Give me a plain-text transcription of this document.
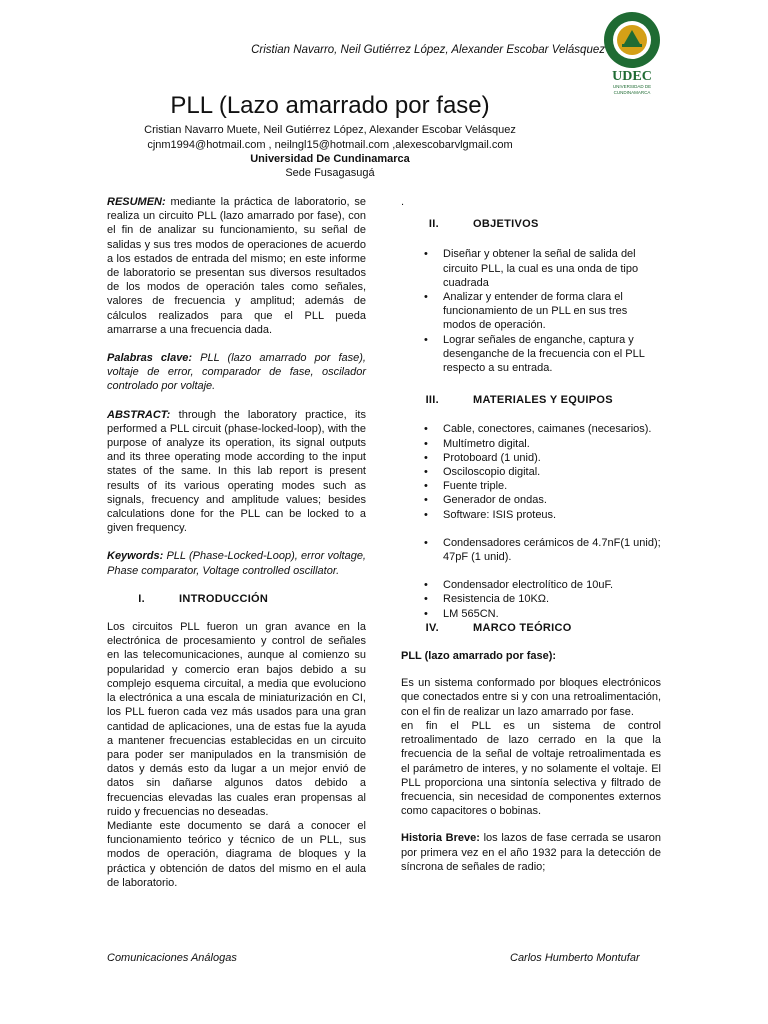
Cristian Navarro, Neil Gutiérrez López, Alexander Escobar Velásquez
UDEC
UNIVERSIDAD DE
CUNDINAMARCA
PLL (Lazo amarrado por fase)
Cristian Navarro Muete, Neil Gutiérrez López, Alexander Escobar Velásquez
cjnm1994@hotmail.com , neilngl15@hotmail.com ,alexescobarvlgmail.com
Universidad De Cundinamarca
Sede Fusagasugá

RESUMEN: mediante la práctica de laboratorio, se realiza un circuito PLL (lazo amarrado por fase), con el fin de analizar su funcionamiento, su señal de salidas y sus tres modos de operaciones de acuerdo a los estados de entrada del mismo; en este informe de laboratorio se presentan sus diversos resultados de los modos de operación tales como señales, valores de frecuencia y amplitud; además de cálculos realizados para que el PLL pueda amarrarse a una frecuencia dada.

Palabras clave: PLL (lazo amarrado por fase), voltaje de error, comparador de fase, oscilador controlado por voltaje.

ABSTRACT: through the laboratory practice, its performed a PLL circuit (phase-locked-loop), with the purpose of analyze its operation, its signal outputs and its three operating mode according to the input states of the same. In this lab report is present results of its various operating modes such as signals, frecuency and amplitude values; besides calculations done for the PLL can be locked to a given frequency.

Keywords: PLL (Phase-Locked-Loop), error voltage, Phase comparator, Voltage controlled oscillator.

I.	INTRODUCCIÓN

Los circuitos PLL fueron un gran avance en la electrónica de procesamiento y control de señales en las telecomunicaciones, aunque al comienzo su popularidad y comercio eran bajos debido a su complejo esquema circuital, a media que evoluciono la electrónica a una escala de miniaturización en CI, los PLL fueron cada vez más usados para una gran cantidad de aplicaciones, una de estas fue la ayuda a mantener frecuencias establecidas en un circuito para poder ser manipulados en la transmisión de datos y demás esto da lugar a un mejor envió de datos sin dañarse algunos datos debido a frecuencias elevadas las cuales eran propensas al ruido y frecuencias no deseadas.

Mediante este documento se dará a conocer el funcionamiento teórico y técnico de un PLL, sus modos de operación, diagrama de bloques y la práctica y obtención de datos del mismo en el aula de laboratorio.

.

II.	OBJETIVOS
• Diseñar y obtener la señal de salida del circuito PLL, la cual es una onda de tipo cuadrada
• Analizar y entender de forma clara el funcionamiento de un PLL en sus tres modos de operación.
• Lograr señales de enganche, captura y desenganche de la frecuencia con el PLL respecto a su entrada.
III.	MATERIALES Y EQUIPOS
• Cable, conectores, caimanes (necesarios).
• Multímetro digital.
• Protoboard (1 unid).
• Osciloscopio digital.
• Fuente triple.
• Generador de ondas.
• Software: ISIS proteus.
• Condensadores cerámicos de 4.7nF(1 unid); 47pF (1 unid).
• Condensador electrolítico de 10uF.
• Resistencia de 10KΩ.
• LM 565CN.
IV.	MARCO TEÓRICO

PLL (lazo amarrado por fase):

Es un sistema conformado por bloques electrónicos que conectados entre si y con una retroalimentación, con el fin de realizar un lazo amarrado por fase.

en fin el PLL es un sistema de control retroalimentado de lazo cerrado en la que la frecuencia de la señal de voltaje retroalimentada es el parámetro de interes, y no solamente el voltaje. El PLL proporciona una sintonía selectiva y filtrado de frecuencia, sin necesidad de componentes externos como capacitores o bobinas.

Historia Breve: los lazos de fase cerrada se usaron por primera vez en el año 1932 para la detección de síncrona de señales de radio;

Comunicaciones Análogas	Carlos Humberto Montufar
